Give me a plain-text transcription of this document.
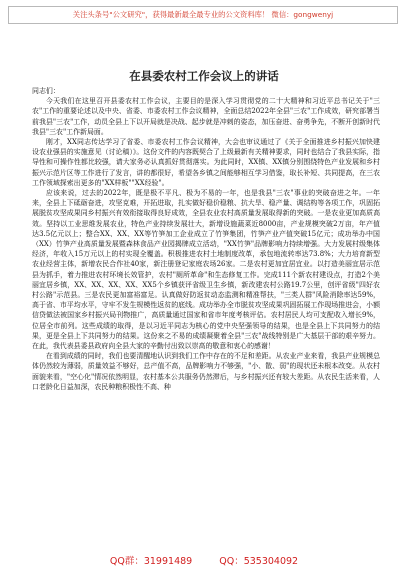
关注头条号"公文研究"，获得最新最全最专业的公文资料库！ 微信：gongwenyj
在县委农村工作会议上的讲话

同志们：

今天我们在这里召开县委农村工作会议，主要目的是深入学习贯彻党的二十大精神和习近平总书记关于"三农"工作的重要论述以及中央、省委、市委农村工作会议精神，全面总结2022年全县"三农"工作成效，研究部署当前我县"三农"工作，动员全县上下以开局就是决战、起步就是冲刺的姿态，加压奋进、奋勇争先，不断开创新时代我县"三农"工作新局面。

刚才，XX同志传达学习了省委、市委农村工作会议精神，大会也审议通过了《关于全面推进乡村振兴加快建设农业强县的实施意见（讨论稿）》。这份文件的内容既契合了上级最新有关精神要求，同时也结合了我县实际，指导性和可操作性都比较强，请大家务必认真抓好贯彻落实。为此同时，XX镇、XX镇分别围绕特色产业发展和乡村振兴示范片区等工作进行了发言，讲的都很好，希望各乡镇之间能够相互学习借鉴，取长补短、共同提高，在三农工作领域探索出更多的"XX样板""XX经验"。

应该来说，过去的2022年，既是极不平凡、极为不易的一年，也是我县"三农"事业的突破奋进之年。一年来，全县上下砥砺奋进，攻坚克难，开拓进取，扎实做好稳价稳粮、抗大旱、稳产量、调结构等各项工作，巩固拓展脱贫攻坚成果同乡村振兴有效衔接取得良好成效，全县农业农村高质量发展取得新的突破。一是农业更加高质高效。坚持以工业思维发展农业，特色产业持续发展壮大，新增设施蔬菜近8000亩，产业规模突破2万亩，年产值达3.5亿元以上；整合XX、XX、XX等竹笋加工企业成立了竹笋集团，竹笋产业产值突破15亿元；成功举办中国（XX）竹笋产业高质量发展暨森林食品产业园揭牌成立活动，"XX竹笋"品牌影响力持续增强。大力发展村级集体经济，年收入15万元以上的村实现全覆盖。积极推进农村土地制度改革，承包地流转率达73.8%；大力培育新型农业经营主体，新增农民合作社40家，新注册登记家庭农场26家。二是农村更加宜居宜业。以打造美丽宜居示范县为抓手，着力推进农村环境长效管护，农村"厕所革命"和生态修复工作。完成111个新农村建设点，打造2个美丽宜居乡镇，XX、XX、XX、XX、XX5个乡镇获评省级卫生乡镇，新改建农村公路19.7公里，创评省级"四好农村公路"示范县。三是农民更加富裕富足。认真做好防返贫动态监测和精准帮扶，"三类人群"风险消除率达59%，高于省、市平均水平，守牢不发生规模性返贫的底线。成功举办全市脱贫攻坚成果巩固拓展工作现场推进会，小额信贷做法被国家乡村振兴局刊物推广，高质量通过国家和省市年度考核评估。农村居民人均可支配收入增长9%，位居全市前列。这些成绩的取得，是以习近平同志为核心的党中央坚强领导的结果，也是全县上下共同努力的结果，更是全县上下共同努力的结果。这份来之不易的成绩凝聚着全县"三农"战线特别是广大基层干部的艰辛努力。在此，我代表县委县政府向全县大家的辛勤付出致以崇高的敬意和衷心的感谢！

在看到成绩的同时，我们也要清醒地认识到我们工作中存在的不足和差距。从农业产业来看，我县产业规模总体仍然较为薄弱，质量效益不够好，总产值不高，品牌影响力不够强，"小、散、弱"的现状还未根本改变。从农村面貌来看，"空心化"情况依然明显，农村基本公共服务仍然滞后，与乡村振兴还有较大差距。从农民生活来看，人口老龄化日益加深，农民种粮积极性不高、种

QQ群：31991489	QQ：535304092
